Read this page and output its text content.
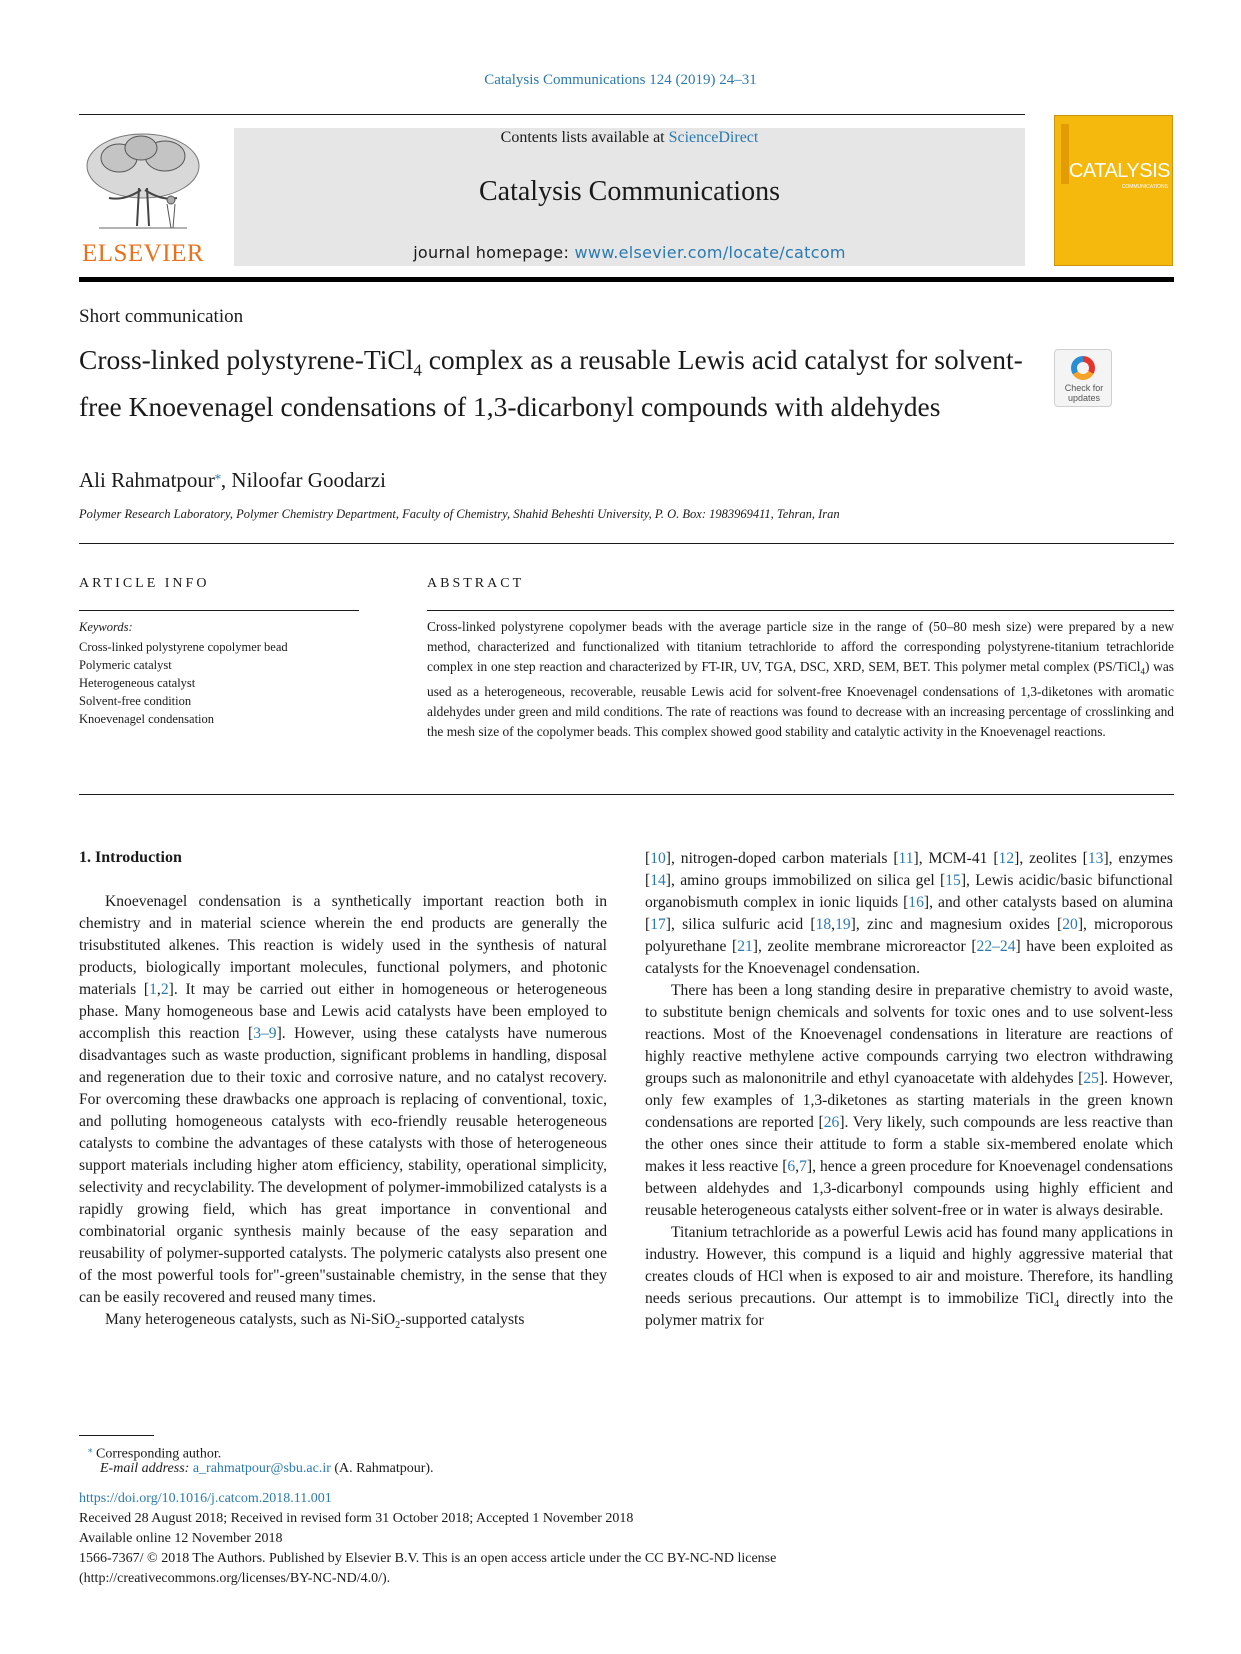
Catalysis Communications 124 (2019) 24–31
ELSEVIER
Contents lists available at ScienceDirect
Catalysis Communications
journal homepage: www.elsevier.com/locate/catcom
CATALYSIS
COMMUNICATIONS
Short communication
Cross-linked polystyrene-TiCl$_4$ complex as a reusable Lewis acid catalyst for solvent-free Knoevenagel condensations of 1,3-dicarbonyl compounds with aldehydes
Check for updates
Ali Rahmatpour⁎, Niloofar Goodarzi
Polymer Research Laboratory, Polymer Chemistry Department, Faculty of Chemistry, Shahid Beheshti University, P. O. Box: 1983969411, Tehran, Iran
ARTICLE INFO
Keywords:
Cross-linked polystyrene copolymer bead
Polymeric catalyst
Heterogeneous catalyst
Solvent-free condition
Knoevenagel condensation
ABSTRACT
Cross-linked polystyrene copolymer beads with the average particle size in the range of (50–80 mesh size) were prepared by a new method, characterized and functionalized with titanium tetrachloride to afford the corresponding polystyrene-titanium tetrachloride complex in one step reaction and characterized by FT-IR, UV, TGA, DSC, XRD, SEM, BET. This polymer metal complex (PS/TiCl$_4$) was used as a heterogeneous, recoverable, reusable Lewis acid for solvent-free Knoevenagel condensations of 1,3-diketones with aromatic aldehydes under green and mild conditions. The rate of reactions was found to decrease with an increasing percentage of crosslinking and the mesh size of the copolymer beads. This complex showed good stability and catalytic activity in the Knoevenagel reactions.
1. Introduction

Knoevenagel condensation is a synthetically important reaction both in chemistry and in material science wherein the end products are generally the trisubstituted alkenes. This reaction is widely used in the synthesis of natural products, biologically important molecules, functional polymers, and photonic materials [1,2]. It may be carried out either in homogeneous or heterogeneous phase. Many homogeneous base and Lewis acid catalysts have been employed to accomplish this reaction [3–9]. However, using these catalysts have numerous disadvantages such as waste production, significant problems in handling, disposal and regeneration due to their toxic and corrosive nature, and no catalyst recovery. For overcoming these drawbacks one approach is replacing of conventional, toxic, and polluting homogeneous catalysts with eco-friendly reusable heterogeneous catalysts to combine the advantages of these catalysts with those of heterogeneous support materials including higher atom efficiency, stability, operational simplicity, selectivity and recyclability. The development of polymer-immobilized catalysts is a rapidly growing field, which has great importance in conventional and combinatorial organic synthesis mainly because of the easy separation and reusability of polymer-supported catalysts. The polymeric catalysts also present one of the most powerful tools for"-green"sustainable chemistry, in the sense that they can be easily recovered and reused many times.

Many heterogeneous catalysts, such as Ni-SiO$_2$-supported catalysts

[10], nitrogen-doped carbon materials [11], MCM-41 [12], zeolites [13], enzymes [14], amino groups immobilized on silica gel [15], Lewis acidic/basic bifunctional organobismuth complex in ionic liquids [16], and other catalysts based on alumina [17], silica sulfuric acid [18,19], zinc and magnesium oxides [20], microporous polyurethane [21], zeolite membrane microreactor [22–24] have been exploited as catalysts for the Knoevenagel condensation.

There has been a long standing desire in preparative chemistry to avoid waste, to substitute benign chemicals and solvents for toxic ones and to use solvent-less reactions. Most of the Knoevenagel condensations in literature are reactions of highly reactive methylene active compounds carrying two electron withdrawing groups such as malononitrile and ethyl cyanoacetate with aldehydes [25]. However, only few examples of 1,3-diketones as starting materials in the green known condensations are reported [26]. Very likely, such compounds are less reactive than the other ones since their attitude to form a stable six-membered enolate which makes it less reactive [6,7], hence a green procedure for Knoevenagel condensations between aldehydes and 1,3-dicarbonyl compounds using highly efficient and reusable heterogeneous catalysts either solvent-free or in water is always desirable.

Titanium tetrachloride as a powerful Lewis acid has found many applications in industry. However, this compund is a liquid and highly aggressive material that creates clouds of HCl when is exposed to air and moisture. Therefore, its handling needs serious precautions. Our attempt is to immobilize TiCl$_4$ directly into the polymer matrix for

⁎ Corresponding author.
E-mail address: a_rahmatpour@sbu.ac.ir (A. Rahmatpour).
https://doi.org/10.1016/j.catcom.2018.11.001
Received 28 August 2018; Received in revised form 31 October 2018; Accepted 1 November 2018
Available online 12 November 2018
1566-7367/ © 2018 The Authors. Published by Elsevier B.V. This is an open access article under the CC BY-NC-ND license
(http://creativecommons.org/licenses/BY-NC-ND/4.0/).
